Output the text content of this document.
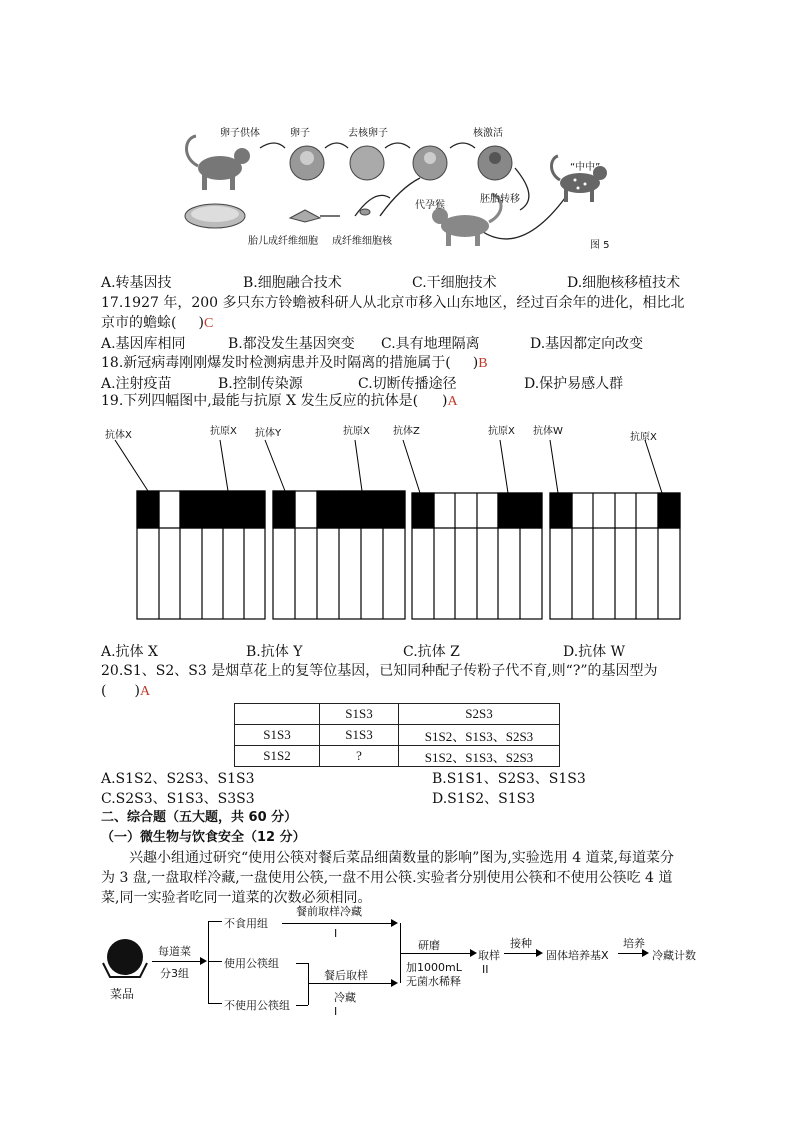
卵子供体	卵子	去核卵子	核激活
胎儿成纤维细胞 成纤维细胞核
胚胎转移
代孕猴
“中中”
图 5
A.转基因技	B.细胞融合技术	C.干细胞技术	D.细胞核移植技术
17.1927 年，200 多只东方铃蟾被科研人从北京市移入山东地区，经过百余年的进化，相比北
京市的蟾蜍( )C
A.基因库相同	B.都没发生基因突变 C.具有地理隔离	D.基因都定向改变
18.新冠病毒刚刚爆发时检测病患并及时隔离的措施属于( )B
A.注射疫苗	B.控制传染源	C.切断传播途径	D.保护易感人群
19.下列四幅图中,最能与抗原 X 发生反应的抗体是( )A
抗体X	抗原X 抗体Y	抗原X 抗体Z	抗原X 抗体W
抗原X
A.抗体 X	B.抗体 Y	C.抗体 Z	D.抗体 W
20.S1、S2、S3 是烟草花上的复等位基因，已知同种配子传粉子代不育,则“?”的基因型为
( )A
	S1S3	S2S3
S1S3	S1S3	S1S2、S1S3、S2S3
S1S2	?	S1S2、S1S3、S2S3
A.S1S2、S2S3、S1S3	B.S1S1、S2S3、S1S3
C.S2S3、S1S3、S3S3	D.S1S2、S1S3
二、综合题（五大题，共 60 分）
（一）微生物与饮食安全（12 分）
兴趣小组通过研究“使用公筷对餐后菜品细菌数量的影响”图为,实验选用 4 道菜,每道菜分
为 3 盘,一盘取样冷藏,一盘使用公筷,一盘不用公筷.实验者分别使用公筷和不使用公筷吃 4 道
菜,同一实验者吃同一道菜的次数必须相同。
菜品
每道菜
分3组
不食用组
使用公筷组
不使用公筷组
餐前取样冷藏
I
餐后取样
冷藏
I
研磨
加1000mL
无菌水稀释
取样
II
接种
固体培养基X
培养
冷藏计数
